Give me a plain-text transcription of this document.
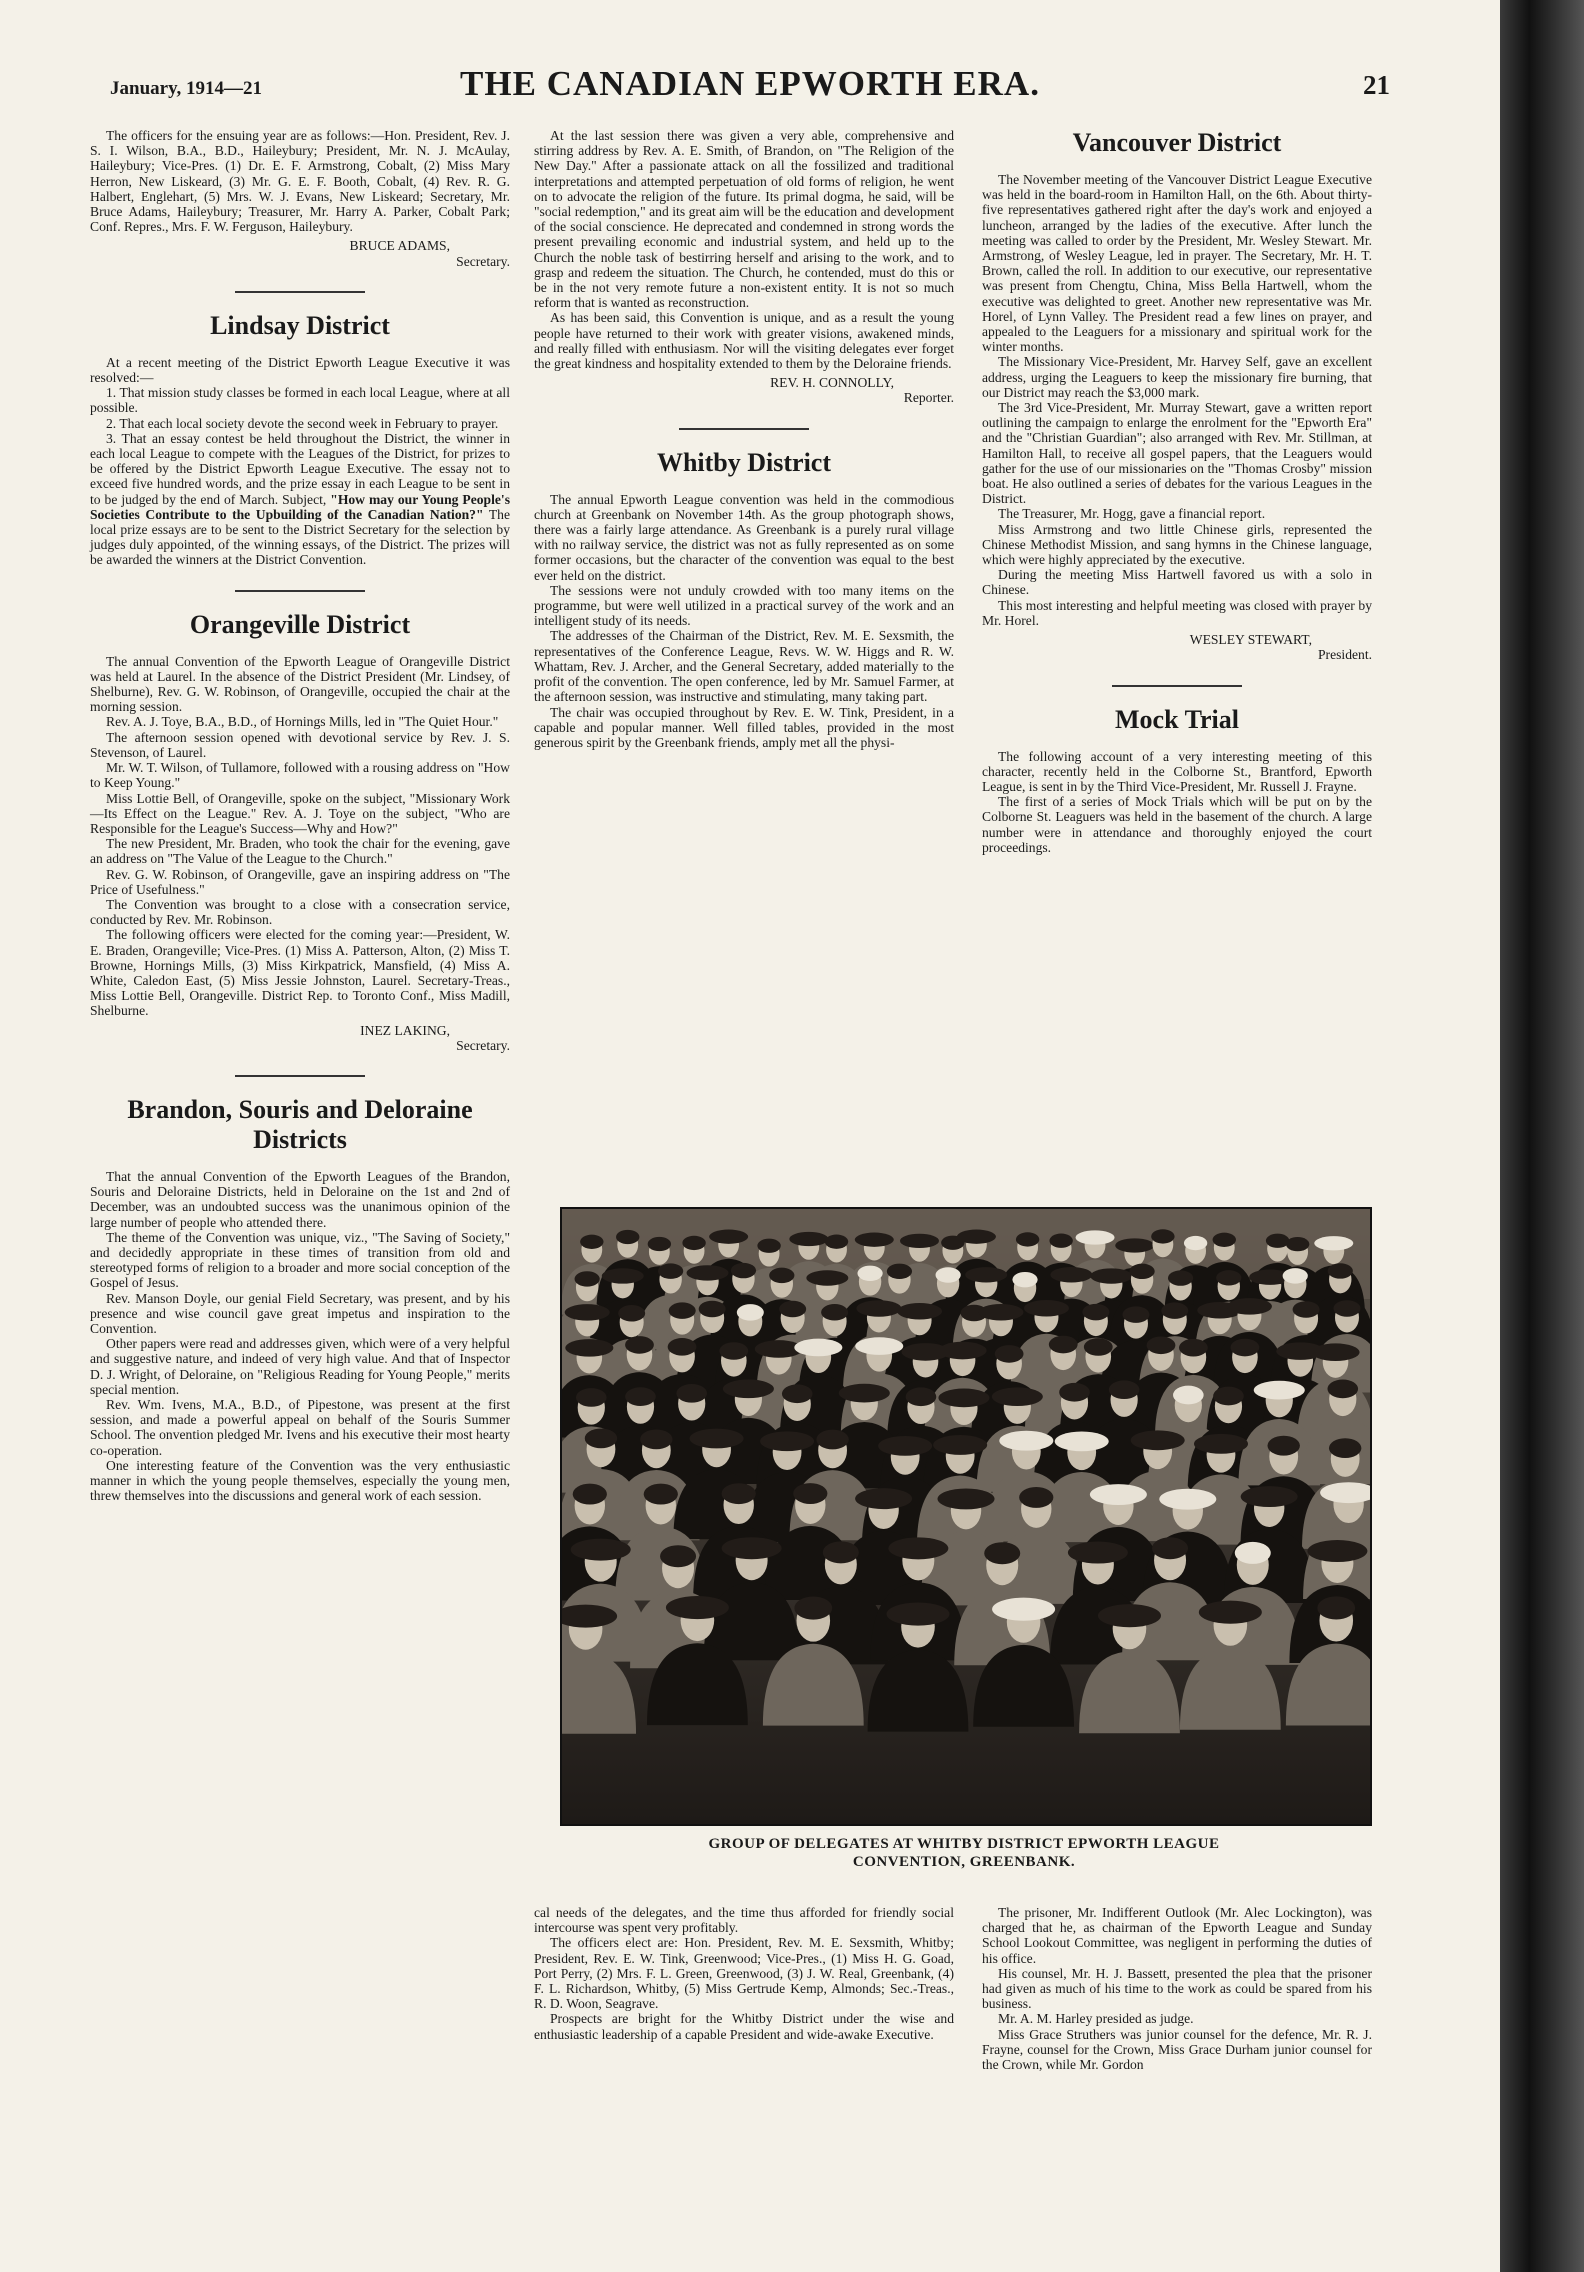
January, 1914—21	THE CANADIAN EPWORTH ERA.	21

The officers for the ensuing year are as follows:—Hon. President, Rev. J. S. I. Wilson, B.A., B.D., Haileybury; President, Mr. N. J. McAulay, Haileybury; Vice-Pres. (1) Dr. E. F. Armstrong, Cobalt, (2) Miss Mary Herron, New Liskeard, (3) Mr. G. E. F. Booth, Cobalt, (4) Rev. R. G. Halbert, Englehart, (5) Mrs. W. J. Evans, New Liskeard; Secretary, Mr. Bruce Adams, Haileybury; Treasurer, Mr. Harry A. Parker, Cobalt Park; Conf. Repres., Mrs. F. W. Ferguson, Haileybury.

BRUCE ADAMS,
Secretary.
Lindsay District

At a recent meeting of the District Epworth League Executive it was resolved:—

1. That mission study classes be formed in each local League, where at all possible.

2. That each local society devote the second week in February to prayer.

3. That an essay contest be held throughout the District, the winner in each local League to compete with the Leagues of the District, for prizes to be offered by the District Epworth League Executive. The essay not to exceed five hundred words, and the prize essay in each League to be sent in to be judged by the end of March. Subject, "How may our Young People's Societies Contribute to the Upbuilding of the Canadian Nation?" The local prize essays are to be sent to the District Secretary for the selection by judges duly appointed, of the winning essays, of the District. The prizes will be awarded the winners at the District Convention.

Orangeville District

The annual Convention of the Epworth League of Orangeville District was held at Laurel. In the absence of the District President (Mr. Lindsey, of Shelburne), Rev. G. W. Robinson, of Orangeville, occupied the chair at the morning session.

Rev. A. J. Toye, B.A., B.D., of Hornings Mills, led in "The Quiet Hour."

The afternoon session opened with devotional service by Rev. J. S. Stevenson, of Laurel.

Mr. W. T. Wilson, of Tullamore, followed with a rousing address on "How to Keep Young."

Miss Lottie Bell, of Orangeville, spoke on the subject, "Missionary Work—Its Effect on the League." Rev. A. J. Toye on the subject, "Who are Responsible for the League's Success—Why and How?"

The new President, Mr. Braden, who took the chair for the evening, gave an address on "The Value of the League to the Church."

Rev. G. W. Robinson, of Orangeville, gave an inspiring address on "The Price of Usefulness."

The Convention was brought to a close with a consecration service, conducted by Rev. Mr. Robinson.

The following officers were elected for the coming year:—President, W. E. Braden, Orangeville; Vice-Pres. (1) Miss A. Patterson, Alton, (2) Miss T. Browne, Hornings Mills, (3) Miss Kirkpatrick, Mansfield, (4) Miss A. White, Caledon East, (5) Miss Jessie Johnston, Laurel. Secretary-Treas., Miss Lottie Bell, Orangeville. District Rep. to Toronto Conf., Miss Madill, Shelburne.

INEZ LAKING,
Secretary.
Brandon, Souris and Deloraine Districts

That the annual Convention of the Epworth Leagues of the Brandon, Souris and Deloraine Districts, held in Deloraine on the 1st and 2nd of December, was an undoubted success was the unanimous opinion of the large number of people who attended there.

The theme of the Convention was unique, viz., "The Saving of Society," and decidedly appropriate in these times of transition from old and stereotyped forms of religion to a broader and more social conception of the Gospel of Jesus.

Rev. Manson Doyle, our genial Field Secretary, was present, and by his presence and wise council gave great impetus and inspiration to the Convention.

Other papers were read and addresses given, which were of a very helpful and suggestive nature, and indeed of very high value. And that of Inspector D. J. Wright, of Deloraine, on "Religious Reading for Young People," merits special mention.

Rev. Wm. Ivens, M.A., B.D., of Pipestone, was present at the first session, and made a powerful appeal on behalf of the Souris Summer School. The onvention pledged Mr. Ivens and his executive their most hearty co-operation.

One interesting feature of the Convention was the very enthusiastic manner in which the young people themselves, especially the young men, threw themselves into the discussions and general work of each session.

At the last session there was given a very able, comprehensive and stirring address by Rev. A. E. Smith, of Brandon, on "The Religion of the New Day." After a passionate attack on all the fossilized and traditional interpretations and attempted perpetuation of old forms of religion, he went on to advocate the religion of the future. Its primal dogma, he said, will be "social redemption," and its great aim will be the education and development of the social conscience. He deprecated and condemned in strong words the present prevailing economic and industrial system, and held up to the Church the noble task of bestirring herself and arising to the work, and to grasp and redeem the situation. The Church, he contended, must do this or be in the not very remote future a non-existent entity. It is not so much reform that is wanted as reconstruction.

As has been said, this Convention is unique, and as a result the young people have returned to their work with greater visions, awakened minds, and really filled with enthusiasm. Nor will the visiting delegates ever forget the great kindness and hospitality extended to them by the Deloraine friends.

REV. H. CONNOLLY,
Reporter.
Whitby District

The annual Epworth League convention was held in the commodious church at Greenbank on November 14th. As the group photograph shows, there was a fairly large attendance. As Greenbank is a purely rural village with no railway service, the district was not as fully represented as on some former occasions, but the character of the convention was equal to the best ever held on the district.

The sessions were not unduly crowded with too many items on the programme, but were well utilized in a practical survey of the work and an intelligent study of its needs.

The addresses of the Chairman of the District, Rev. M. E. Sexsmith, the representatives of the Conference League, Revs. W. W. Higgs and R. W. Whattam, Rev. J. Archer, and the General Secretary, added materially to the profit of the convention. The open conference, led by Mr. Samuel Farmer, at the afternoon session, was instructive and stimulating, many taking part.

The chair was occupied throughout by Rev. E. W. Tink, President, in a capable and popular manner. Well filled tables, provided in the most generous spirit by the Greenbank friends, amply met all the physi-

Vancouver District

The November meeting of the Vancouver District League Executive was held in the board-room in Hamilton Hall, on the 6th. About thirty-five representatives gathered right after the day's work and enjoyed a luncheon, arranged by the ladies of the executive. After lunch the meeting was called to order by the President, Mr. Wesley Stewart. Mr. Armstrong, of Wesley League, led in prayer. The Secretary, Mr. H. T. Brown, called the roll. In addition to our executive, our representative was present from Chengtu, China, Miss Bella Hartwell, whom the executive was delighted to greet. Another new representative was Mr. Horel, of Lynn Valley. The President read a few lines on prayer, and appealed to the Leaguers for a missionary and spiritual work for the winter months.

The Missionary Vice-President, Mr. Harvey Self, gave an excellent address, urging the Leaguers to keep the missionary fire burning, that our District may reach the $3,000 mark.

The 3rd Vice-President, Mr. Murray Stewart, gave a written report outlining the campaign to enlarge the enrolment for the "Epworth Era" and the "Christian Guardian"; also arranged with Rev. Mr. Stillman, at Hamilton Hall, to receive all gospel papers, that the Leaguers would gather for the use of our missionaries on the "Thomas Crosby" mission boat. He also outlined a series of debates for the various Leagues in the District.

The Treasurer, Mr. Hogg, gave a financial report.

Miss Armstrong and two little Chinese girls, represented the Chinese Methodist Mission, and sang hymns in the Chinese language, which were highly appreciated by the executive.

During the meeting Miss Hartwell favored us with a solo in Chinese.

This most interesting and helpful meeting was closed with prayer by Mr. Horel.

WESLEY STEWART,
President.
Mock Trial

The following account of a very interesting meeting of this character, recently held in the Colborne St., Brantford, Epworth League, is sent in by the Third Vice-President, Mr. Russell J. Frayne.

The first of a series of Mock Trials which will be put on by the Colborne St. Leaguers was held in the basement of the church. A large number were in attendance and thoroughly enjoyed the court proceedings.

GROUP OF DELEGATES AT WHITBY DISTRICT EPWORTH LEAGUE
CONVENTION, GREENBANK.

cal needs of the delegates, and the time thus afforded for friendly social intercourse was spent very profitably.

The officers elect are: Hon. President, Rev. M. E. Sexsmith, Whitby; President, Rev. E. W. Tink, Greenwood; Vice-Pres., (1) Miss H. G. Goad, Port Perry, (2) Mrs. F. L. Green, Greenwood, (3) J. W. Real, Greenbank, (4) F. L. Richardson, Whitby, (5) Miss Gertrude Kemp, Almonds; Sec.-Treas., R. D. Woon, Seagrave.

Prospects are bright for the Whitby District under the wise and enthusiastic leadership of a capable President and wide-awake Executive.

The prisoner, Mr. Indifferent Outlook (Mr. Alec Lockington), was charged that he, as chairman of the Epworth League and Sunday School Lookout Committee, was negligent in performing the duties of his office.

His counsel, Mr. H. J. Bassett, presented the plea that the prisoner had given as much of his time to the work as could be spared from his business.

Mr. A. M. Harley presided as judge.

Miss Grace Struthers was junior counsel for the defence, Mr. R. J. Frayne, counsel for the Crown, Miss Grace Durham junior counsel for the Crown, while Mr. Gordon
